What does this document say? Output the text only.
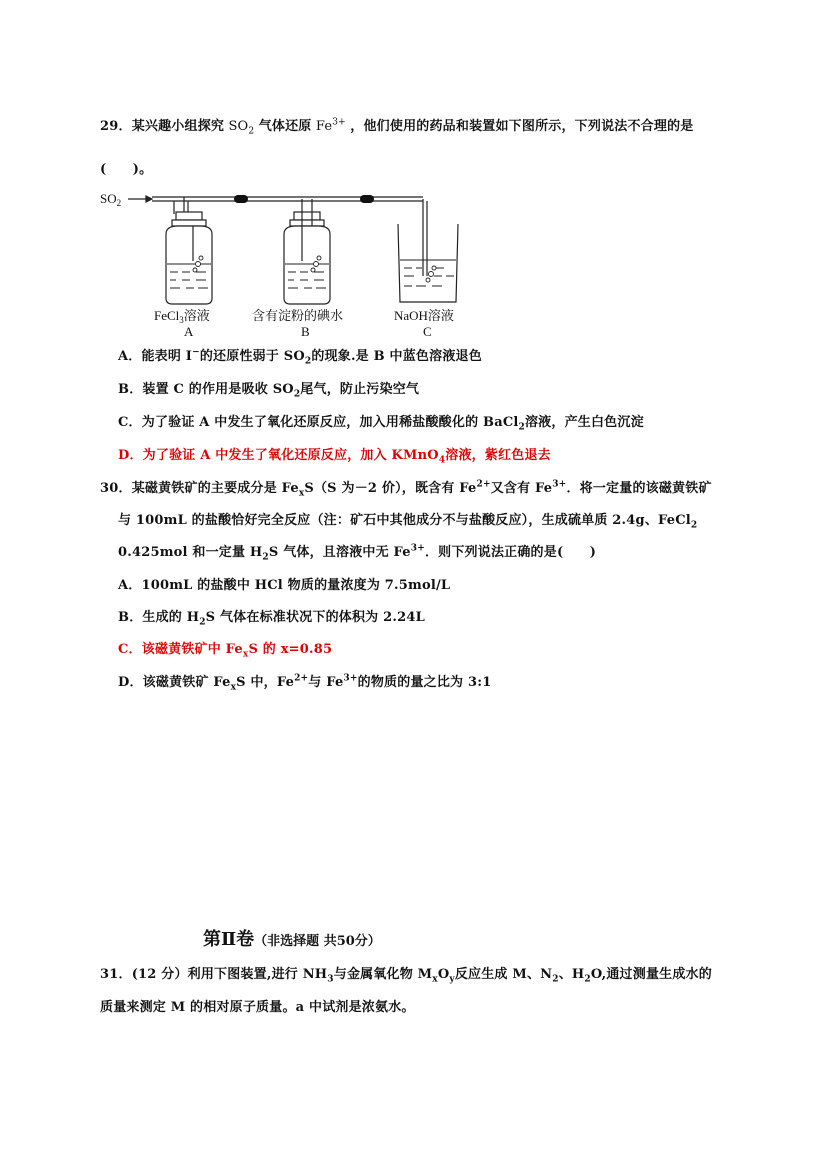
29．某兴趣小组探究 $SO_2$ 气体还原 $Fe^{3+}$ ，他们使用的药品和装置如下图所示，下列说法不合理的是
(　　)。
$SO_2$
FeCl$_3$溶液
A
含有淀粉的碘水
B
NaOH溶液
C
A．能表明 I−的还原性弱于 $SO_2$的现象.是 B 中蓝色溶液退色
B．装置 C 的作用是吸收 $SO_2$尾气，防止污染空气
C．为了验证 A 中发生了氧化还原反应，加入用稀盐酸酸化的 BaCl$_2$溶液，产生白色沉淀
D．为了验证 A 中发生了氧化还原反应，加入 KMnO$_4$溶液，紫红色退去
30．某磁黄铁矿的主要成分是 $Fe_xS(S$ 为－2 价），既含有 $Fe^{2+}$又含有 $Fe^{3+}$．将一定量的该磁黄铁矿
与 100mL 的盐酸恰好完全反应（注：矿石中其他成分不与盐酸反应），生成硫单质 2.4g、FeCl$_2$
0.425mol 和一定量 $H_2S$ 气体，且溶液中无 $Fe^{3+}$．则下列说法正确的是(　　)
A．100mL 的盐酸中 HCl 物质的量浓度为 7.5mol/L
B．生成的 $H_2S$ 气体在标准状况下的体积为 2.24L
C．该磁黄铁矿中 $Fe_xS$ 的 x=0.85
D．该磁黄铁矿 $Fe_xS$ 中，$Fe^{2+}$与 $Fe^{3+}$的物质的量之比为 3:1
第Ⅱ卷（非选择题 共50分）
31．(12 分）利用下图装置,进行 $NH_3$与金属氧化物 $M_xO_y$反应生成 M、$N_2$、$H_2O$,通过测量生成水的
质量来测定 M 的相对原子质量。a 中试剂是浓氨水。
